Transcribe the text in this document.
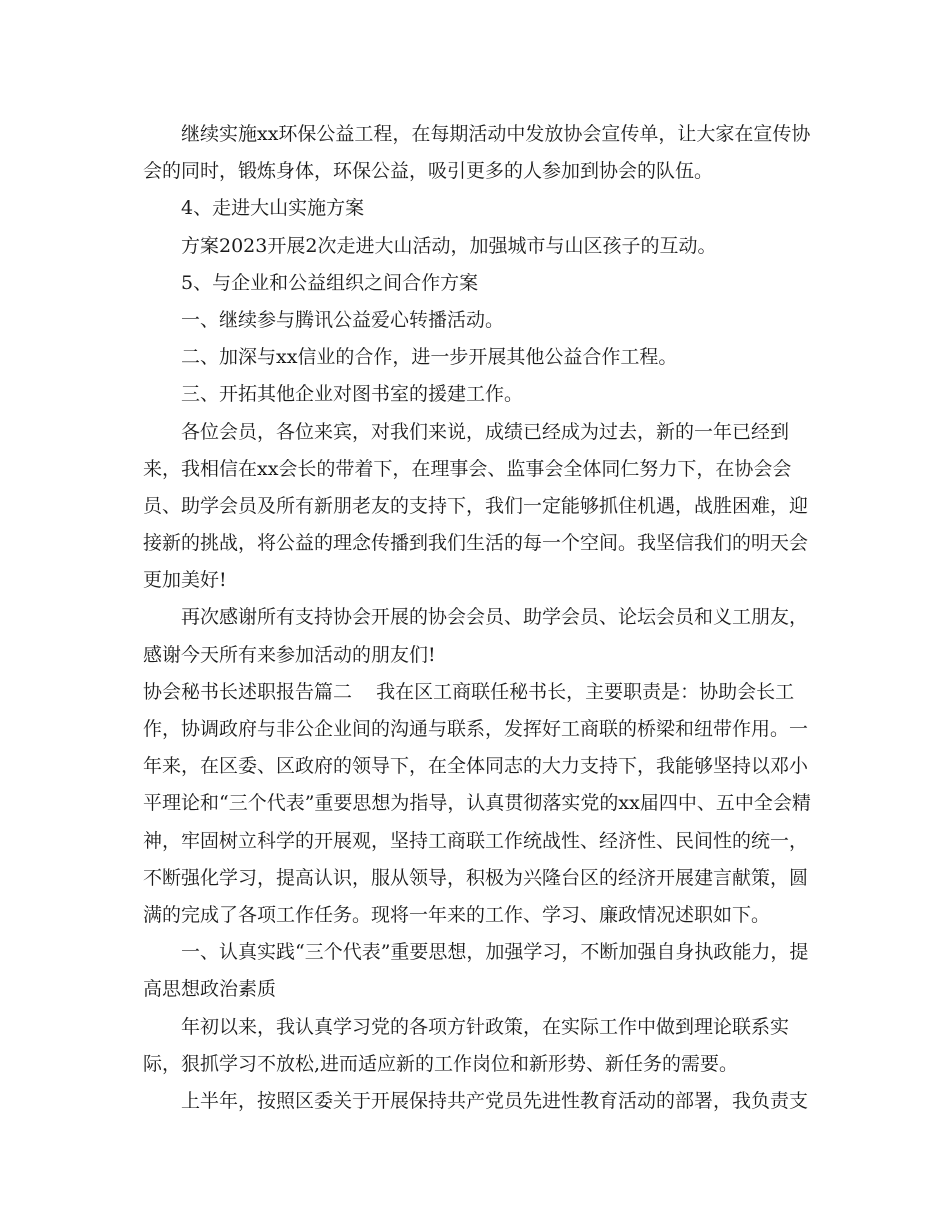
继续实施xx环保公益工程，在每期活动中发放协会宣传单，让大家在宣传协
会的同时，锻炼身体，环保公益，吸引更多的人参加到协会的队伍。
4、走进大山实施方案
方案2023开展2次走进大山活动，加强城市与山区孩子的互动。
5、与企业和公益组织之间合作方案
一、继续参与腾讯公益爱心转播活动。
二、加深与xx信业的合作，进一步开展其他公益合作工程。
三、开拓其他企业对图书室的援建工作。
各位会员，各位来宾，对我们来说，成绩已经成为过去，新的一年已经到
来，我相信在xx会长的带着下，在理事会、监事会全体同仁努力下，在协会会
员、助学会员及所有新朋老友的支持下，我们一定能够抓住机遇，战胜困难，迎
接新的挑战，将公益的理念传播到我们生活的每一个空间。我坚信我们的明天会
更加美好!
再次感谢所有支持协会开展的协会会员、助学会员、论坛会员和义工朋友，
感谢今天所有来参加活动的朋友们!
协会秘书长述职报告篇二    我在区工商联任秘书长，主要职责是：协助会长工
作，协调政府与非公企业间的沟通与联系，发挥好工商联的桥梁和纽带作用。一
年来，在区委、区政府的领导下，在全体同志的大力支持下，我能够坚持以邓小
平理论和“三个代表”重要思想为指导，认真贯彻落实党的xx届四中、五中全会精
神，牢固树立科学的开展观，坚持工商联工作统战性、经济性、民间性的统一，
不断强化学习，提高认识，服从领导，积极为兴隆台区的经济开展建言献策，圆
满的完成了各项工作任务。现将一年来的工作、学习、廉政情况述职如下。
一、认真实践“三个代表”重要思想，加强学习，不断加强自身执政能力，提
高思想政治素质
年初以来，我认真学习党的各项方针政策，在实际工作中做到理论联系实
际，狠抓学习不放松,进而适应新的工作岗位和新形势、新任务的需要。
上半年，按照区委关于开展保持共产党员先进性教育活动的部署，我负责支
